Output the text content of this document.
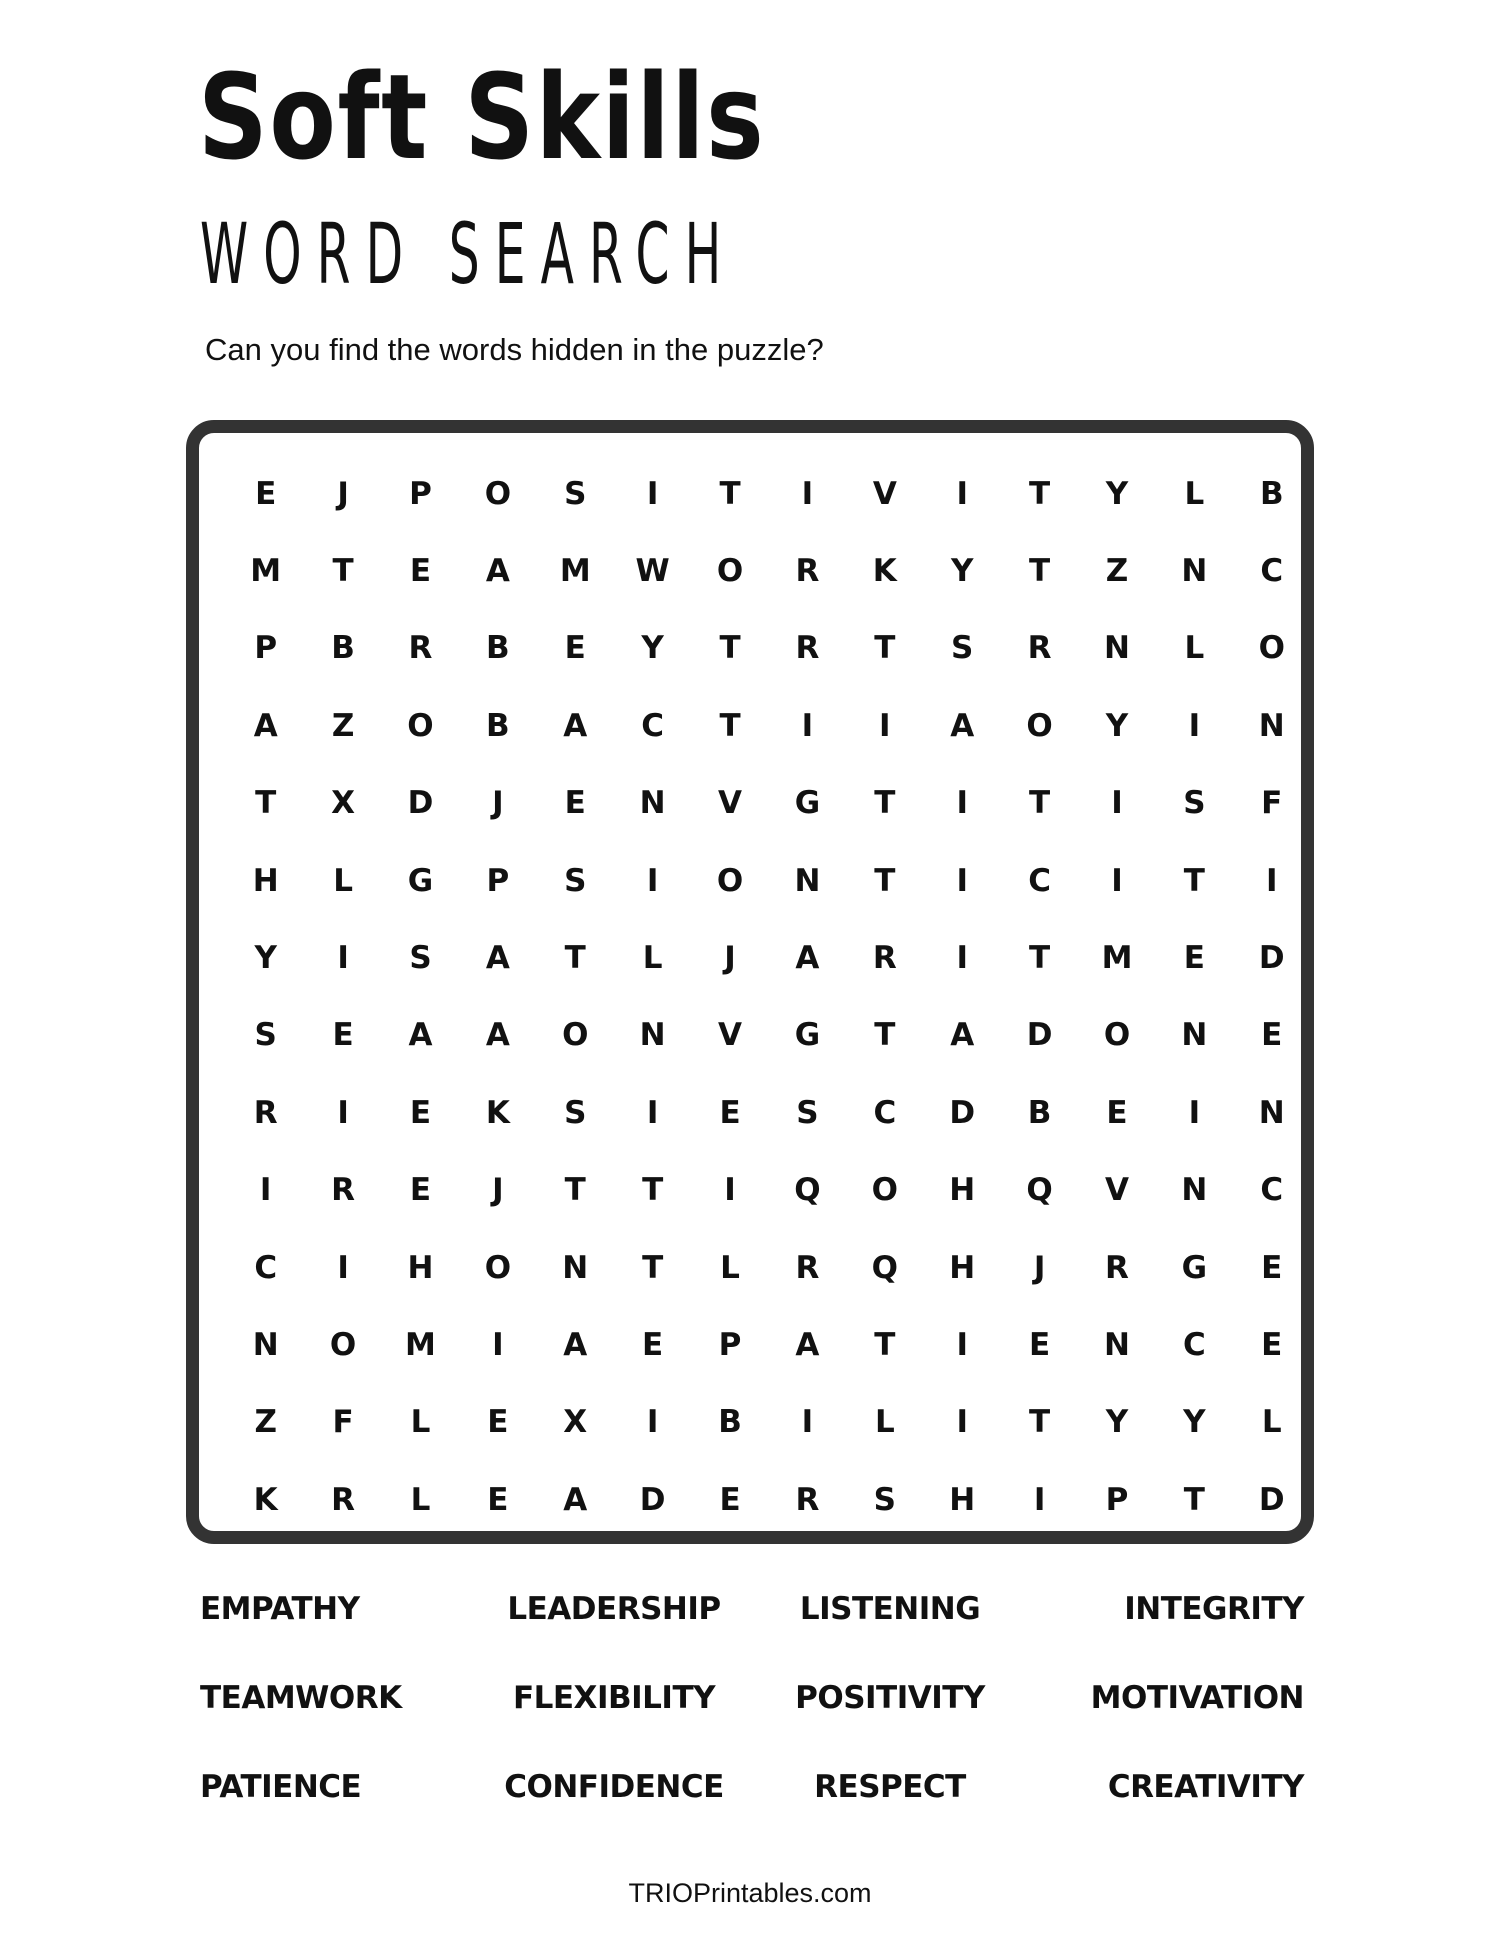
Soft Skills
WORD SEARCH

Can you find the words hidden in the puzzle?

E	J	P	O	S	I	T	I	V	I	T	Y	L	B
M	T	E	A	M	W	O	R	K	Y	T	Z	N	C
P	B	R	B	E	Y	T	R	T	S	R	N	L	O
A	Z	O	B	A	C	T	I	I	A	O	Y	I	N
T	X	D	J	E	N	V	G	T	I	T	I	S	F
H	L	G	P	S	I	O	N	T	I	C	I	T	I
Y	I	S	A	T	L	J	A	R	I	T	M	E	D
S	E	A	A	O	N	V	G	T	A	D	O	N	E
R	I	E	K	S	I	E	S	C	D	B	E	I	N
I	R	E	J	T	T	I	Q	O	H	Q	V	N	C
C	I	H	O	N	T	L	R	Q	H	J	R	G	E
N	O	M	I	A	E	P	A	T	I	E	N	C	E
Z	F	L	E	X	I	B	I	L	I	T	Y	Y	L
K	R	L	E	A	D	E	R	S	H	I	P	T	D
EMPATHY	LEADERSHIP	LISTENING	INTEGRITY
TEAMWORK	FLEXIBILITY	POSITIVITY	MOTIVATION
PATIENCE	CONFIDENCE	RESPECT	CREATIVITY

TRIOPrintables.com
